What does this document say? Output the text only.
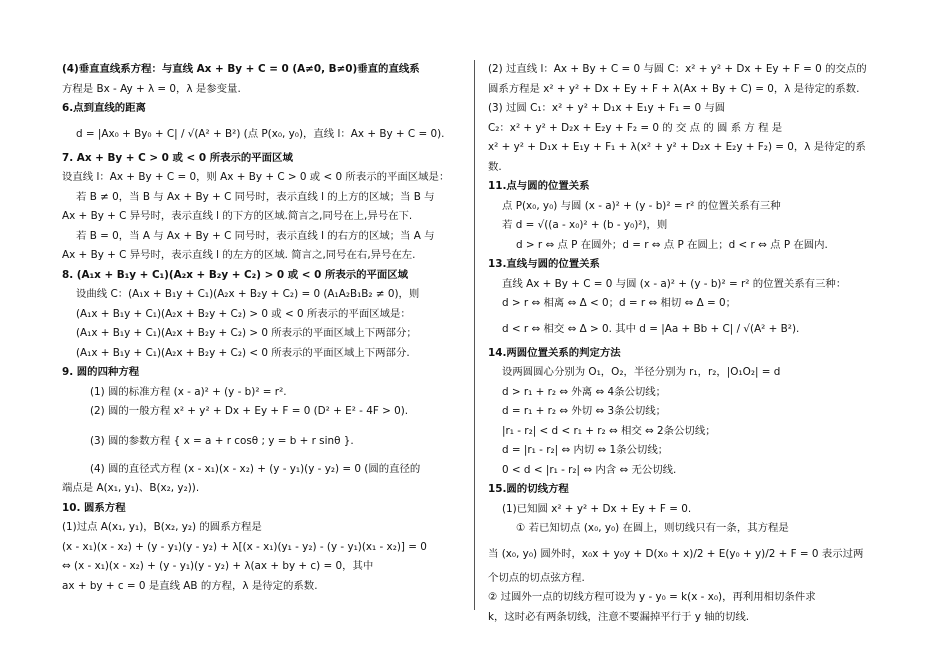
(4)垂直直线系方程：与直线 Ax + By + C = 0 (A≠0, B≠0)垂直的直线系
方程是 Bx - Ay + λ = 0，λ 是参变量.
6.点到直线的距离
d = |Ax₀ + By₀ + C| / √(A² + B²) (点 P(x₀, y₀)，直线 l：Ax + By + C = 0).
7. Ax + By + C > 0 或 < 0 所表示的平面区域
设直线 l：Ax + By + C = 0，则 Ax + By + C > 0 或 < 0 所表示的平面区域是：
若 B ≠ 0，当 B 与 Ax + By + C 同号时，表示直线 l 的上方的区域；当 B 与
Ax + By + C 异号时，表示直线 l 的下方的区域.简言之,同号在上,异号在下.
若 B = 0，当 A 与 Ax + By + C 同号时，表示直线 l 的右方的区域；当 A 与
Ax + By + C 异号时，表示直线 l 的左方的区域. 简言之,同号在右,异号在左.
8. (A₁x + B₁y + C₁)(A₂x + B₂y + C₂) > 0 或 < 0 所表示的平面区域
设曲线 C：(A₁x + B₁y + C₁)(A₂x + B₂y + C₂) = 0 (A₁A₂B₁B₂ ≠ 0)，则
(A₁x + B₁y + C₁)(A₂x + B₂y + C₂) > 0 或 < 0 所表示的平面区域是：
(A₁x + B₁y + C₁)(A₂x + B₂y + C₂) > 0 所表示的平面区域上下两部分；
(A₁x + B₁y + C₁)(A₂x + B₂y + C₂) < 0 所表示的平面区域上下两部分.
9. 圆的四种方程
(1) 圆的标准方程 (x - a)² + (y - b)² = r².
(2) 圆的一般方程 x² + y² + Dx + Ey + F = 0 (D² + E² - 4F > 0).
(3) 圆的参数方程 { x = a + r cosθ ; y = b + r sinθ }.
(4) 圆的直径式方程 (x - x₁)(x - x₂) + (y - y₁)(y - y₂) = 0 (圆的直径的
端点是 A(x₁, y₁)、B(x₂, y₂)).
10. 圆系方程
(1)过点 A(x₁, y₁)，B(x₂, y₂) 的圆系方程是
(x - x₁)(x - x₂) + (y - y₁)(y - y₂) + λ[(x - x₁)(y₁ - y₂) - (y - y₁)(x₁ - x₂)] = 0
⇔ (x - x₁)(x - x₂) + (y - y₁)(y - y₂) + λ(ax + by + c) = 0，其中
ax + by + c = 0 是直线 AB 的方程，λ 是待定的系数.
(2) 过直线 l：Ax + By + C = 0 与圆 C：x² + y² + Dx + Ey + F = 0 的交点的
圆系方程是 x² + y² + Dx + Ey + F + λ(Ax + By + C) = 0，λ 是待定的系数.
(3) 过圆 C₁：x² + y² + D₁x + E₁y + F₁ = 0 与圆
C₂：x² + y² + D₂x + E₂y + F₂ = 0 的 交 点 的 圆 系 方 程 是
x² + y² + D₁x + E₁y + F₁ + λ(x² + y² + D₂x + E₂y + F₂) = 0，λ 是待定的系
数.
11.点与圆的位置关系
点 P(x₀, y₀) 与圆 (x - a)² + (y - b)² = r² 的位置关系有三种
若 d = √((a - x₀)² + (b - y₀)²)，则
d > r ⇔ 点 P 在圆外；d = r ⇔ 点 P 在圆上；d < r ⇔ 点 P 在圆内.
13.直线与圆的位置关系
直线 Ax + By + C = 0 与圆 (x - a)² + (y - b)² = r² 的位置关系有三种：
d > r ⇔ 相离 ⇔ Δ < 0；d = r ⇔ 相切 ⇔ Δ = 0；
d < r ⇔ 相交 ⇔ Δ > 0. 其中 d = |Aa + Bb + C| / √(A² + B²).
14.两圆位置关系的判定方法
设两圆圆心分别为 O₁，O₂，半径分别为 r₁，r₂，|O₁O₂| = d
d > r₁ + r₂ ⇔ 外离 ⇔ 4条公切线；
d = r₁ + r₂ ⇔ 外切 ⇔ 3条公切线；
|r₁ - r₂| < d < r₁ + r₂ ⇔ 相交 ⇔ 2条公切线；
d = |r₁ - r₂| ⇔ 内切 ⇔ 1条公切线；
0 < d < |r₁ - r₂| ⇔ 内含 ⇔ 无公切线.
15.圆的切线方程
(1)已知圆 x² + y² + Dx + Ey + F = 0.
① 若已知切点 (x₀, y₀) 在圆上，则切线只有一条，其方程是
当 (x₀, y₀) 圆外时，x₀x + y₀y + D(x₀ + x)/2 + E(y₀ + y)/2 + F = 0 表示过两
个切点的切点弦方程.
② 过圆外一点的切线方程可设为 y - y₀ = k(x - x₀)，再利用相切条件求
k，这时必有两条切线，注意不要漏掉平行于 y 轴的切线.
